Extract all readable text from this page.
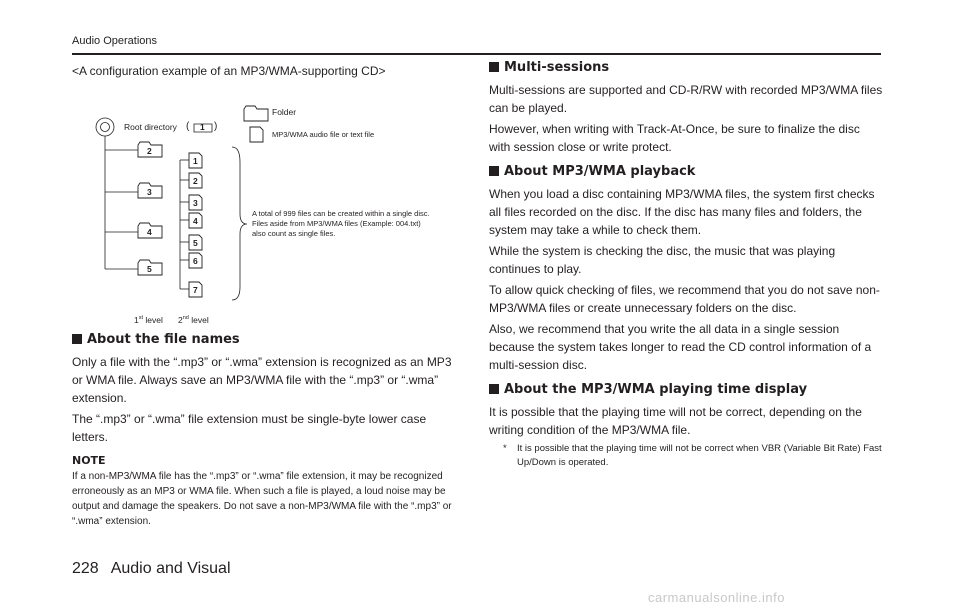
Audio Operations
<A configuration example of an MP3/WMA-supporting CD>
Root directory ( 1 )
Folder
MP3/WMA audio file or text file
2
3
4
5
1
2
3
4
5
6
7
A total of 999 files can be created within a single disc.
Files aside from MP3/WMA files (Example: 004.txt)
also count as single files.
1st level 2nd level
About the file names

Only a file with the “.mp3” or “.wma” extension is recognized as an MP3 or WMA file. Always save an MP3/WMA file with the “.mp3” or “.wma” extension.

The “.mp3” or “.wma” file extension must be single-byte lower case letters.

NOTE

If a non-MP3/WMA file has the “.mp3” or “.wma” file extension, it may be recognized erroneously as an MP3 or WMA file. When such a file is played, a loud noise may be output and damage the speakers. Do not save a non-MP3/WMA file with the “.mp3” or “.wma” extension.

Multi-sessions

Multi-sessions are supported and CD-R/RW with recorded MP3/WMA files can be played.

However, when writing with Track-At-Once, be sure to finalize the disc with session close or write protect.

About MP3/WMA playback

When you load a disc containing MP3/WMA files, the system first checks all files recorded on the disc. If the disc has many files and folders, the system may take a while to check them.

While the system is checking the disc, the music that was playing continues to play.

To allow quick checking of files, we recommend that you do not save non-MP3/WMA files or create unnecessary folders on the disc.

Also, we recommend that you write the all data in a single session because the system takes longer to read the CD control information of a multi-session disc.

About the MP3/WMA playing time display

It is possible that the playing time will not be correct, depending on the writing condition of the MP3/WMA file.

*	It is possible that the playing time will not be correct when VBR (Variable Bit Rate) Fast Up/Down is operated.
228 Audio and Visual
carmanualsonline.info
